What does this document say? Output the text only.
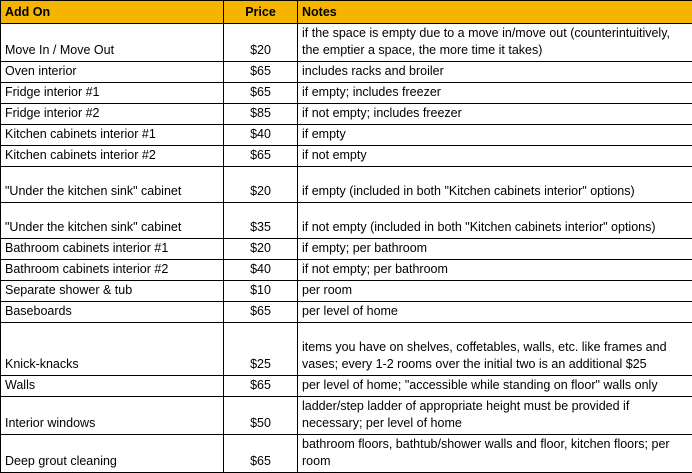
Add On	Price	Notes
Move In / Move Out	$20	if the space is empty due to a move in/move out (counterintuitively, the emptier a space, the more time it takes)
Oven interior	$65	includes racks and broiler
Fridge interior #1	$65	if empty; includes freezer
Fridge interior #2	$85	if not empty; includes freezer
Kitchen cabinets interior #1	$40	if empty
Kitchen cabinets interior #2	$65	if not empty
"Under the kitchen sink" cabinet	$20	if empty (included in both "Kitchen cabinets interior" options)
"Under the kitchen sink" cabinet	$35	if not empty (included in both "Kitchen cabinets interior" options)
Bathroom cabinets interior #1	$20	if empty; per bathroom
Bathroom cabinets interior #2	$40	if not empty; per bathroom
Separate shower & tub	$10	per room
Baseboards	$65	per level of home
Knick-knacks	$25	items you have on shelves, coffetables, walls, etc. like frames and vases; every 1-2 rooms over the initial two is an additional $25
Walls	$65	per level of home; "accessible while standing on floor" walls only
Interior windows	$50	ladder/step ladder of appropriate height must be provided if necessary; per level of home
Deep grout cleaning	$65	bathroom floors, bathtub/shower walls and floor, kitchen floors; per room
